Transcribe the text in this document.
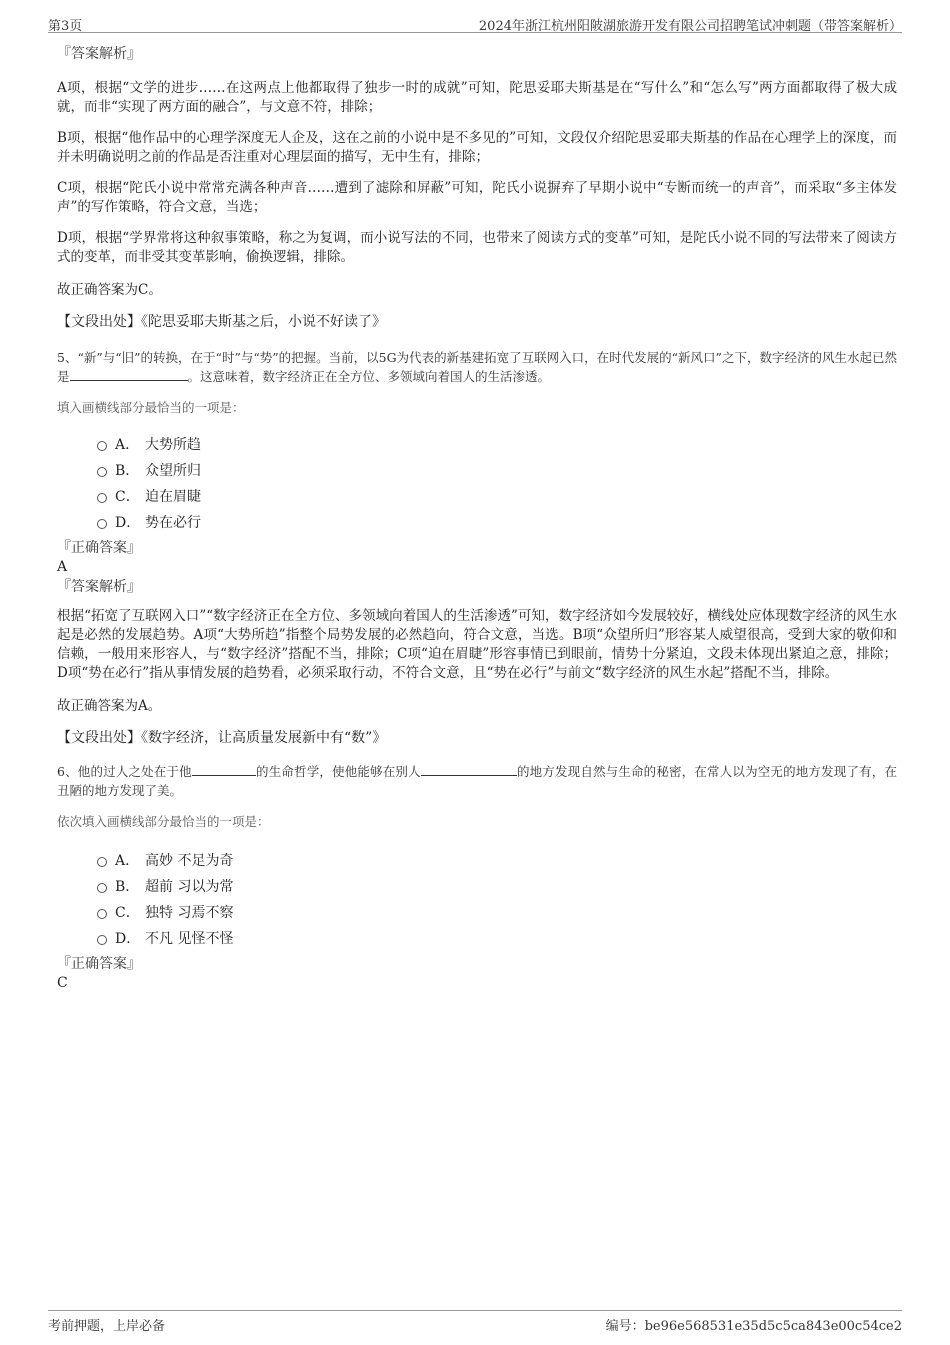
第3页	2024年浙江杭州阳陂湖旅游开发有限公司招聘笔试冲刺题（带答案解析）

『答案解析』

A项，根据“文学的进步……在这两点上他都取得了独步一时的成就”可知，陀思妥耶夫斯基是在“写什么”和“怎么写”两方面都取得了极大成就，而非“实现了两方面的融合”，与文意不符，排除；

B项，根据“他作品中的心理学深度无人企及，这在之前的小说中是不多见的”可知，文段仅介绍陀思妥耶夫斯基的作品在心理学上的深度，而并未明确说明之前的作品是否注重对心理层面的描写，无中生有，排除；

C项，根据“陀氏小说中常常充满各种声音……遭到了滤除和屏蔽”可知，陀氏小说摒弃了早期小说中“专断而统一的声音”，而采取“多主体发声”的写作策略，符合文意，当选；

D项，根据“学界常将这种叙事策略，称之为复调，而小说写法的不同，也带来了阅读方式的变革”可知，是陀氏小说不同的写法带来了阅读方式的变革，而非受其变革影响，偷换逻辑，排除。

故正确答案为C。

【文段出处】《陀思妥耶夫斯基之后，小说不好读了》

5、“新”与“旧”的转换，在于“时”与“势”的把握。当前，以5G为代表的新基建拓宽了互联网入口，在时代发展的“新风口”之下，数字经济的风生水起已然是	。这意味着，数字经济正在全方位、多领域向着国人的生活渗透。

填入画横线部分最恰当的一项是：

A． 大势所趋
B． 众望所归
C． 迫在眉睫
D． 势在必行

『正确答案』

A

『答案解析』

根据“拓宽了互联网入口”“数字经济正在全方位、多领域向着国人的生活渗透”可知，数字经济如今发展较好，横线处应体现数字经济的风生水起是必然的发展趋势。A项“大势所趋”指整个局势发展的必然趋向，符合文意，当选。B项“众望所归”形容某人威望很高，受到大家的敬仰和信赖，一般用来形容人，与“数字经济”搭配不当，排除；C项“迫在眉睫”形容事情已到眼前，情势十分紧迫，文段未体现出紧迫之意，排除；D项“势在必行”指从事情发展的趋势看，必须采取行动，不符合文意，且“势在必行”与前文“数字经济的风生水起”搭配不当，排除。

故正确答案为A。

【文段出处】《数字经济，让高质量发展新中有“数”》

6、他的过人之处在于他	的生命哲学，使他能够在别人	的地方发现自然与生命的秘密，在常人以为空无的地方发现了有，在丑陋的地方发现了美。

依次填入画横线部分最恰当的一项是：

A． 高妙 不足为奇
B． 超前 习以为常
C． 独特 习焉不察
D． 不凡 见怪不怪

『正确答案』

C

考前押题，上岸必备	编号：be96e568531e35d5c5ca843e00c54ce2
